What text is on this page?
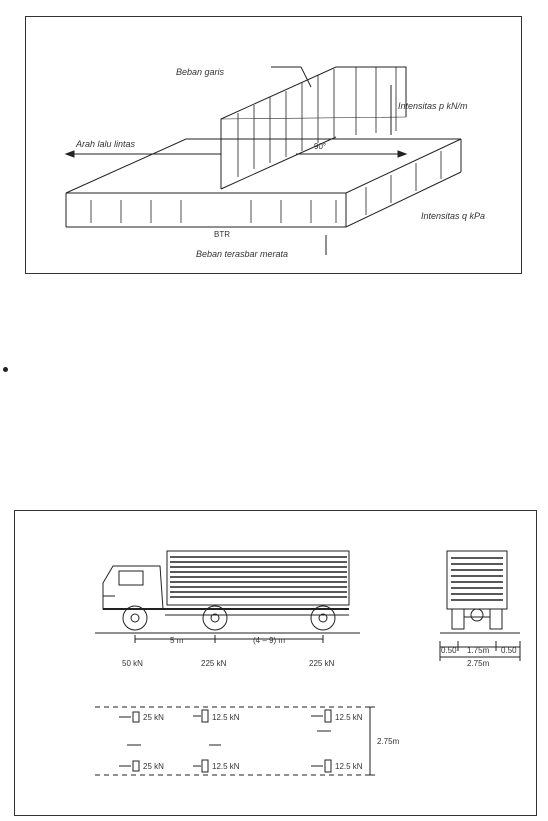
Beban garis
Intensitas p kN/m
Arah lalu lintas	90°
Intensitas q kPa
BTR
Beban terasbar merata
5 m	(4 – 9) m
50 kN	225 kN	225 kN
0.50 1.75m 0.50
2.75m
25 kN
25 kN
12.5 kN
12.5 kN
12.5 kN
12.5 kN
2.75m
